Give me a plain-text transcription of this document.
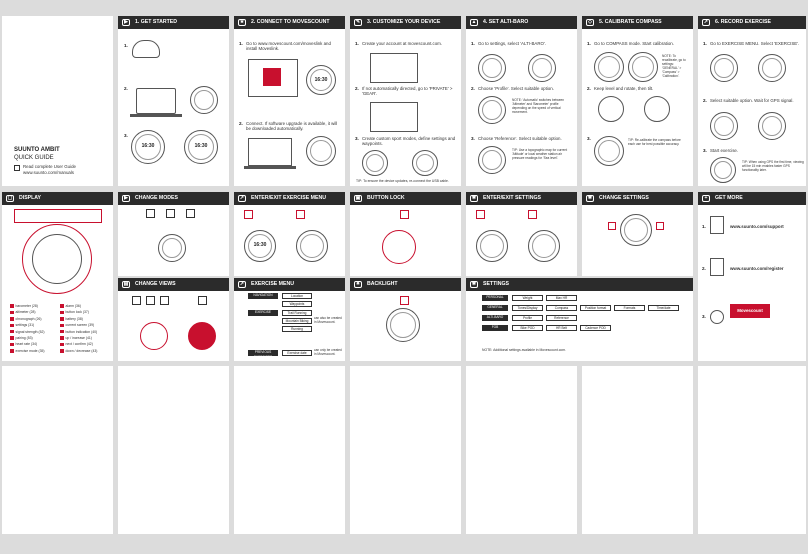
SUUNTO AMBIT
QUICK GUIDE
Read complete User Guide
www.suunto.com/manuals
▶	1. GET STARTED
1.
2.
3.
16:30	16:30
★	2. CONNECT TO MOVESCOUNT
1. Go to www.movescount.com/moveslink and install Moveslink.
16:30
2. Connect. If software upgrade is available, it will be downloaded automatically.
✎	3. CUSTOMIZE YOUR DEVICE
1. Create your account at movescount.com.
2. If not automatically directed, go to 'PRIVATE' > 'GEAR'.
3. Create custom sport modes, define settings and waypoints.
TIP: To ensure the device updates, re-connect the USB cable.
▲ 4. SET ALTI-BARO
1. Go to settings, select 'ALTI-BARO'.
2. Choose 'Profile'. Select suitable option.
NOTE: 'Automatic' switches between 'Altimeter' and 'Barometer' profile depending on the speed of vertical movement.
3. Choose 'Reference'. Select suitable option.
TIP: Use a topographic map for current 'Altitude' or local weather station air pressure readings for 'Sea level'.
◇	5. CALIBRATE COMPASS
1. Go to COMPASS mode. Start calibration.
NOTE: To recalibrate, go to settings: 'GENERAL' > 'Compass' > 'Calibration'.
2. Keep level and rotate, then tilt.
3.	TIP: Re-calibrate the compass before each use for best possible accuracy.
➚	6. RECORD EXERCISE
1. Go to EXERCISE MENU. Select 'EXERCISE'.
2. Select suitable option. Wait for GPS signal.
3. Start exercise.
TIP: When using GPS the first time, viewing will be 15 min enables faster GPS functionality later.
▢	DISPLAY
barometer (28)
altimeter (28)
chronograph (26)
settings (31)
signal strength (52)
pairing (53)
heart rate (34)
exercise mode (35)
alarm (36)
button lock (37)
battery (38)
current screen (39)
button indication (40)
up / increase (41)
next / confirm (42)
down / decrease (43)
▶	CHANGE MODES	➚	ENTER/EXIT EXERCISE MENU
16:30
▣	BUTTON LOCK	✱	ENTER/EXIT SETTINGS	✱	CHANGE SETTINGS	+	GET MORE
1.	www.suunto.com/support
2.	www.suunto.com/register
3.
Movescount
▤	CHANGE VIEWS	➚	EXERCISE MENU
NAVIGATION	Location
Waypoints
EXERCISE	Trail Running
Mountain Biking
Running
can also be created in Movescount.
PREVIOUS EXERCISES
Exercise date
can only be created in Movescount.
✷	BACKLIGHT	✱	SETTINGS
PERSONAL	Weight	Max HR
GENERAL	Tones/Display	Compass	Position format	Formats	Time/date
ALTI-BARO	Profile	Reference
FGB	Bike POD	HR Belt	Cadence POD
NOTE: Additional settings available in Movescount.com.
